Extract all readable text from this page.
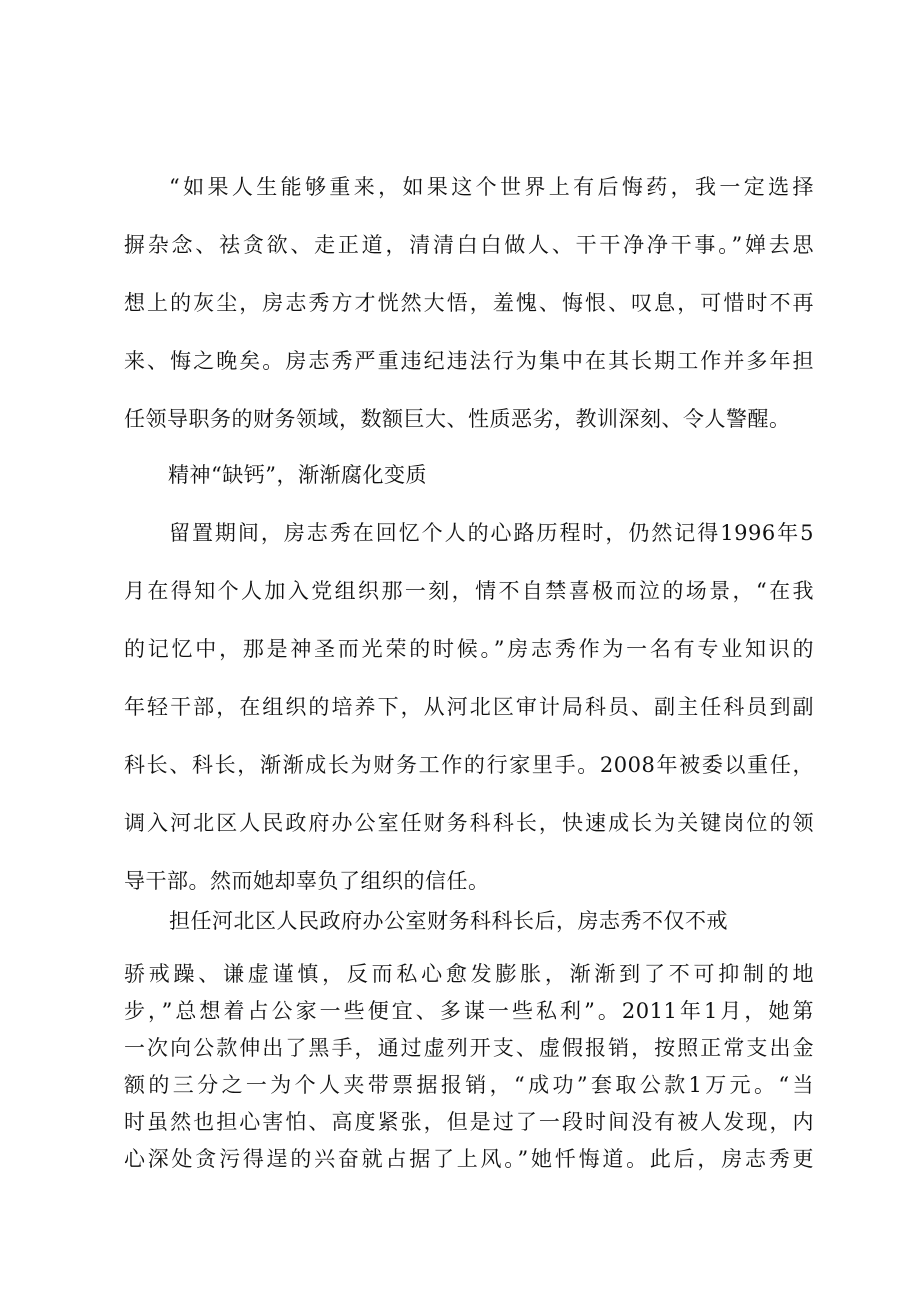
“如果人生能够重来，如果这个世界上有后悔药，我一定选择
摒杂念、祛贪欲、走正道，清清白白做人、干干净净干事。”婵去思
想上的灰尘，房志秀方才恍然大悟，羞愧、悔恨、叹息，可惜时不再
来、悔之晚矣。房志秀严重违纪违法行为集中在其长期工作并多年担
任领导职务的财务领域，数额巨大、性质恶劣，教训深刻、令人警醒。

精神“缺钙”，渐渐腐化变质

留置期间，房志秀在回忆个人的心路历程时，仍然记得1996年5
月在得知个人加入党组织那一刻，情不自禁喜极而泣的场景，“在我
的记忆中，那是神圣而光荣的时候。”房志秀作为一名有专业知识的
年轻干部，在组织的培养下，从河北区审计局科员、副主任科员到副
科长、科长，渐渐成长为财务工作的行家里手。2008年被委以重任，
调入河北区人民政府办公室任财务科科长，快速成长为关键岗位的领
导干部。然而她却辜负了组织的信任。
担任河北区人民政府办公室财务科科长后，房志秀不仅不戒
骄戒躁、谦虚谨慎，反而私心愈发膨胀，渐渐到了不可抑制的地
步，”总想着占公家一些便宜、多谋一些私利”。2011年1月，她第
一次向公款伸出了黑手，通过虚列开支、虚假报销，按照正常支出金
额的三分之一为个人夹带票据报销，“成功”套取公款1万元。“当
时虽然也担心害怕、高度紧张，但是过了一段时间没有被人发现，内
心深处贪污得逞的兴奋就占据了上风。”她忏悔道。此后，房志秀更
